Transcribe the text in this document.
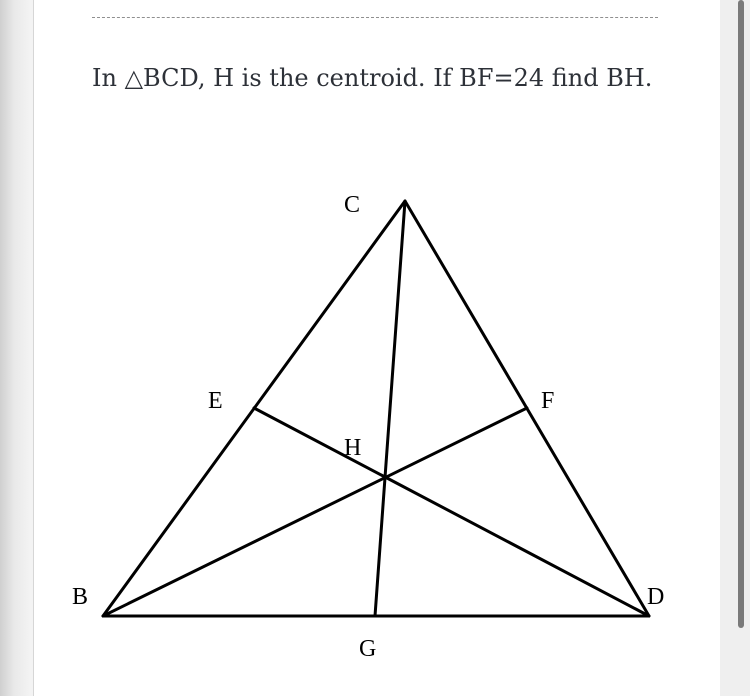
In △BCD, H is the centroid. If BF=24 find BH.

C
E	F
H
B	D
G
